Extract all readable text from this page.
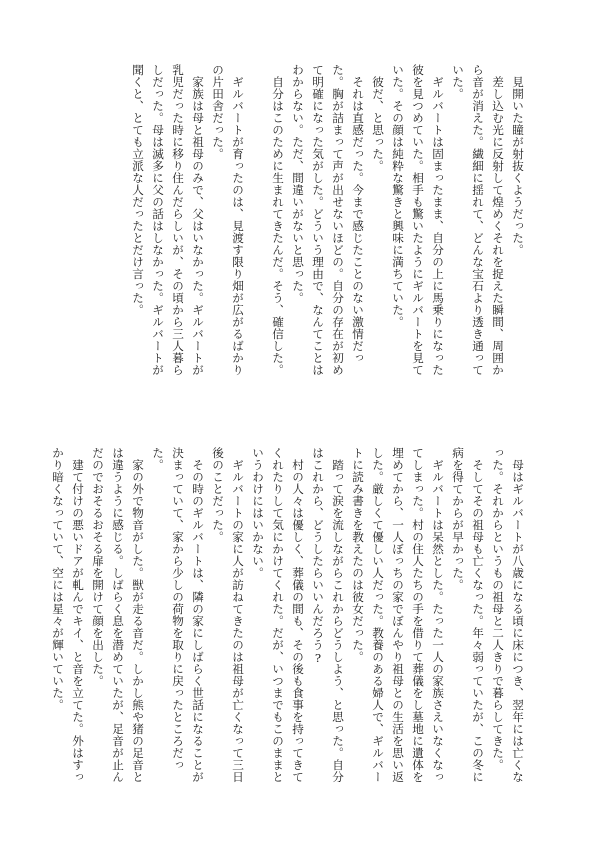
見開いた瞳が射抜くようだった。

差し込む光に反射して煌めくそれを捉えた瞬間、周囲から音が消えた。繊細に揺れて、どんな宝石より透き通っていた。

ギルバートは固まったまま、自分の上に馬乗りになった彼を見つめていた。相手も驚いたようにギルバートを見ていた。その顔は純粋な驚きと興味に満ちていた。

彼だ、と思った。

それは直感だった。今まで感じたことのない激情だった。胸が詰まって声が出せないほどの。自分の存在が初めて明確になった気がした。どういう理由で、なんてことはわからない。ただ、間違いがないと思った。

自分はこのために生まれてきたんだ。そう、確信した。

ギルバートが育ったのは、見渡す限り畑が広がるばかりの片田舎だった。

家族は母と祖母のみで、父はいなかった。ギルバートが乳児だった時に移り住んだらしいが、その頃から三人暮らしだった。母は滅多に父の話はしなかった。ギルバートが聞くと、とても立派な人だったとだけ言った。

母はギルバートが八歳になる頃に床につき、翌年には亡くなった。それからというもの祖母と二人きりで暮らしてきた。

そしてその祖母も亡くなった。年々弱っていたが、この冬に病を得てからが早かった。

ギルバートは呆然とした。たった一人の家族さえいなくなってしまった。村の住人たちの手を借りて葬儀をし墓地に遺体を埋めてから、一人ぼっちの家でぼんやり祖母との生活を思い返した。厳しくて優しい人だった。教養のある婦人で、ギルバートに読み書きを教えたのは彼女だった。

踏って涙を流しながらこれからどうしよう、と思った。自分はこれから、どうしたらいいんだろう?

村の人々は優しく、葬儀の間も、その後も食事を持ってきてくれたりして気にかけてくれた。だが、いつまでもこのままというわけにはいかない。

ギルバートの家に人が訪ねてきたのは祖母が亡くなって三日後のことだった。

その時のギルバートは、隣の家にしばらく世話になることが決まっていて、家から少しの荷物を取りに戻ったところだった。

家の外で物音がした。獣が走る音だ。しかし熊や猪の足音とは違うように感じる。しばらく息を潜めていたが、足音が止んだのでおそるおそる扉を開けて顔を出した。

建て付けの悪いドアが軋んでキイ、と音を立てた。外はすっかり暗くなっていて、空には星々が輝いていた。
